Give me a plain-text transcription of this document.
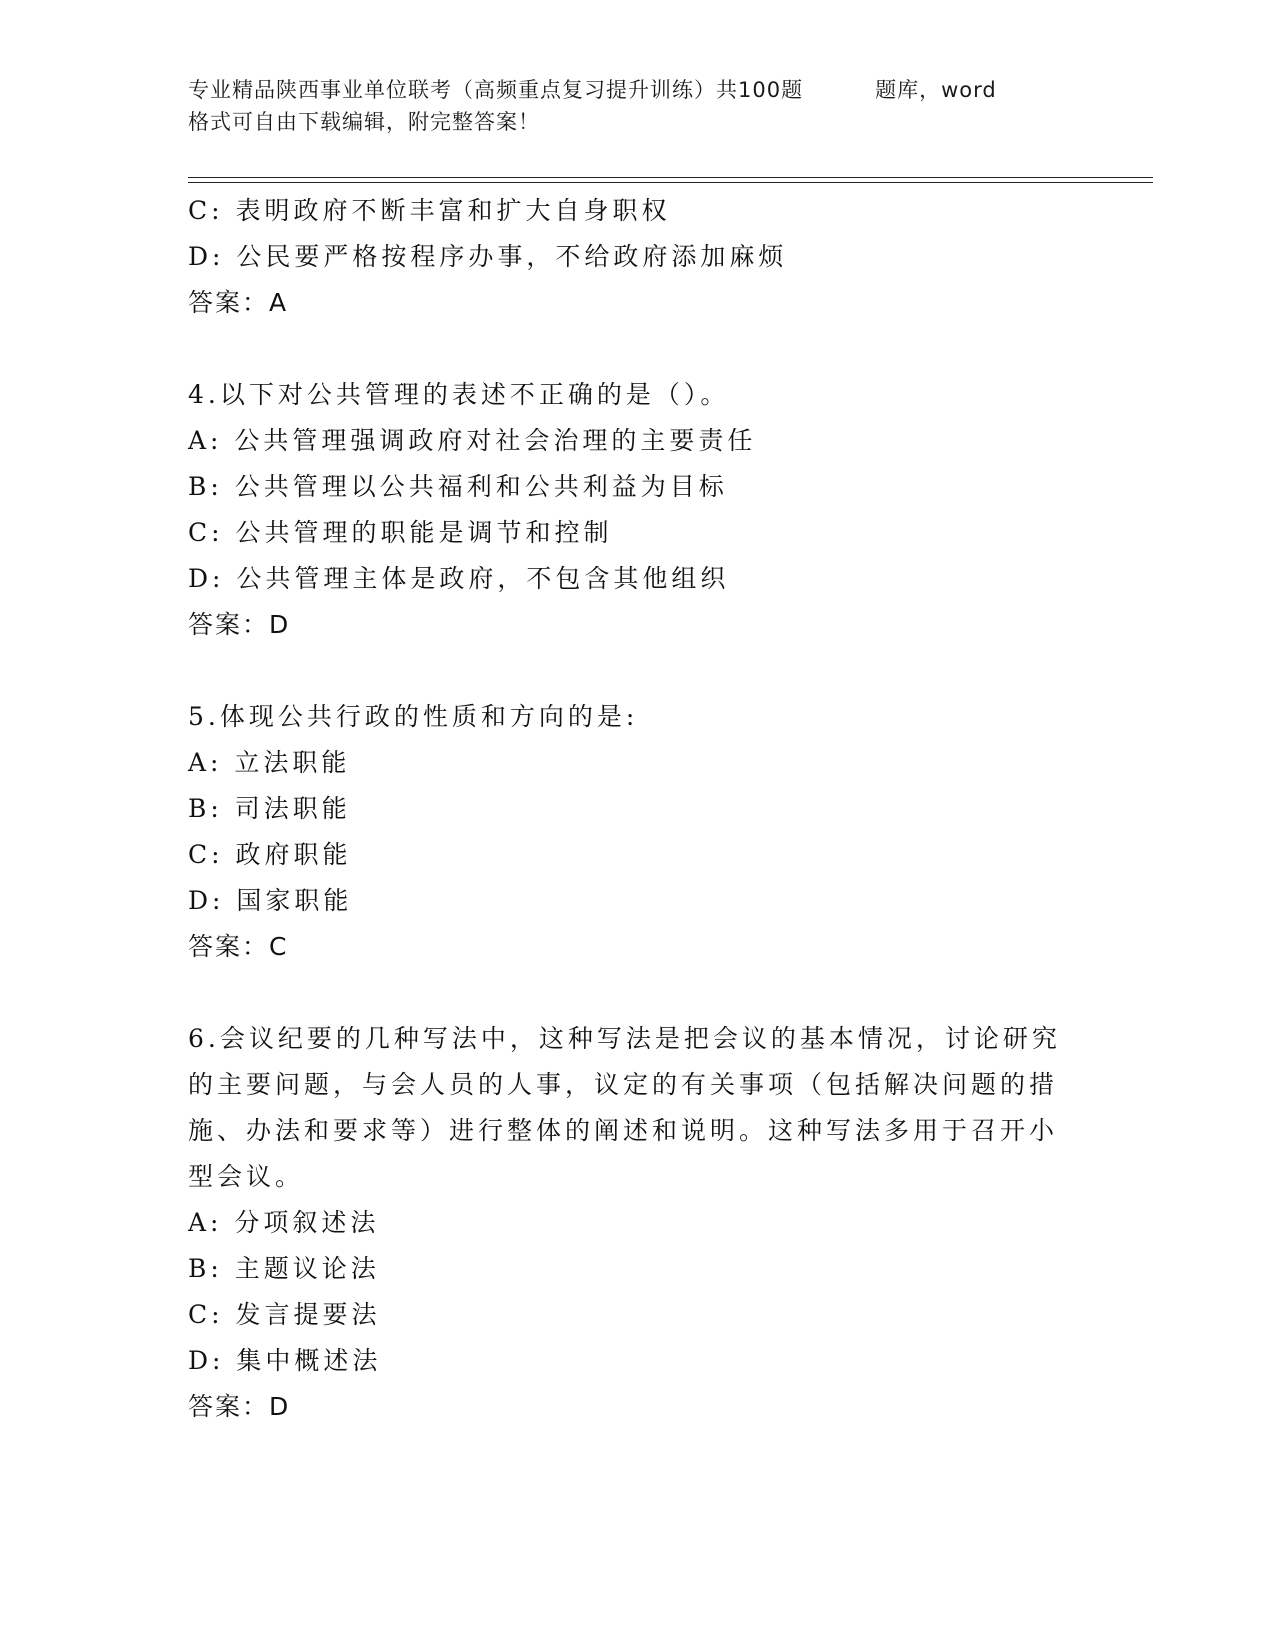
专业精品陕西事业单位联考（高频重点复习提升训练）共100题	题库，word
格式可自由下载编辑，附完整答案！
C: 表明政府不断丰富和扩大自身职权
D: 公民要严格按程序办事，不给政府添加麻烦
答案：A
4.以下对公共管理的表述不正确的是（）。
A: 公共管理强调政府对社会治理的主要责任
B: 公共管理以公共福利和公共利益为目标
C: 公共管理的职能是调节和控制
D: 公共管理主体是政府，不包含其他组织
答案：D
5.体现公共行政的性质和方向的是:
A: 立法职能
B: 司法职能
C: 政府职能
D: 国家职能
答案：C
6.会议纪要的几种写法中，这种写法是把会议的基本情况，讨论研究
的主要问题，与会人员的人事，议定的有关事项（包括解决问题的措
施、办法和要求等）进行整体的阐述和说明。这种写法多用于召开小
型会议。
A: 分项叙述法
B: 主题议论法
C: 发言提要法
D: 集中概述法
答案：D
